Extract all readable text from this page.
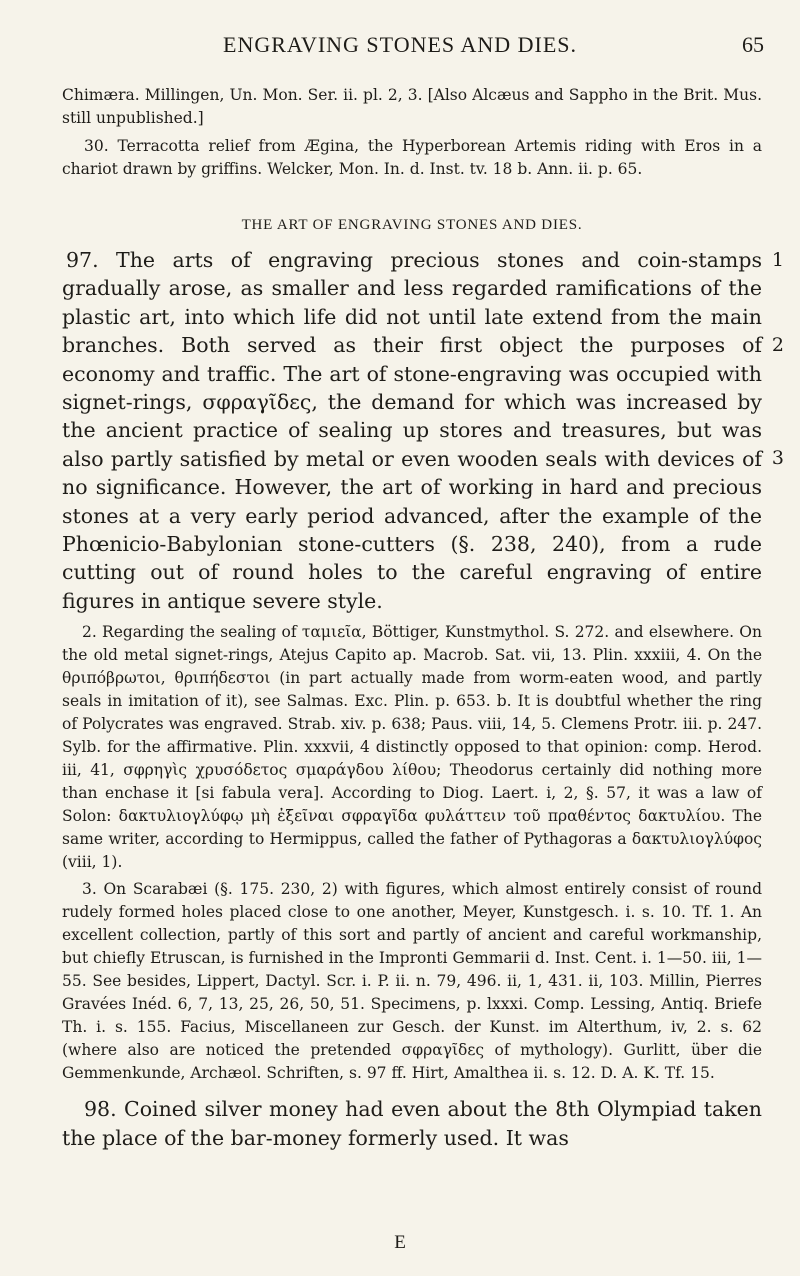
ENGRAVING STONES AND DIES.	65

Chimæra. Millingen, Un. Mon. Ser. ii. pl. 2, 3. [Also Alcæus and Sappho in the Brit. Mus. still unpublished.]

30. Terracotta relief from Ægina, the Hyperborean Artemis riding with Eros in a chariot drawn by griffins. Welcker, Mon. In. d. Inst. tv. 18 b. Ann. ii. p. 65.

THE ART OF ENGRAVING STONES AND DIES.
1
2
3
97. The arts of engraving precious stones and coin-stamps gradually arose, as smaller and less regarded ramifications of the plastic art, into which life did not until late extend from the main branches. Both served as their first object the purposes of economy and traffic. The art of stone-engraving was occupied with signet-rings, σφραγῖδες, the demand for which was increased by the ancient practice of sealing up stores and treasures, but was also partly satisfied by metal or even wooden seals with devices of no significance. However, the art of working in hard and precious stones at a very early period advanced, after the example of the Phœnicio-Babylonian stone-cutters (§. 238, 240), from a rude cutting out of round holes to the careful engraving of entire figures in antique severe style.

2. Regarding the sealing of ταμιεῖα, Böttiger, Kunstmythol. S. 272. and elsewhere. On the old metal signet-rings, Atejus Capito ap. Macrob. Sat. vii, 13. Plin. xxxiii, 4. On the θριπόβρωτοι, θριπήδεστοι (in part actually made from worm-eaten wood, and partly seals in imitation of it), see Salmas. Exc. Plin. p. 653. b. It is doubtful whether the ring of Polycrates was engraved. Strab. xiv. p. 638; Paus. viii, 14, 5. Clemens Protr. iii. p. 247. Sylb. for the affirmative. Plin. xxxvii, 4 distinctly opposed to that opinion: comp. Herod. iii, 41, σφρηγὶς χρυσόδετος σμαράγδου λίθου; Theodorus certainly did nothing more than enchase it [si fabula vera]. According to Diog. Laert. i, 2, §. 57, it was a law of Solon: δακτυλιογλύφῳ μὴ ἐξεῖναι σφραγῖδα φυλάττειν τοῦ πραθέντος δακτυλίου. The same writer, according to Hermippus, called the father of Pythagoras a δακτυλιογλύφος (viii, 1).

3. On Scarabæi (§. 175. 230, 2) with figures, which almost entirely consist of round rudely formed holes placed close to one another, Meyer, Kunstgesch. i. s. 10. Tf. 1. An excellent collection, partly of this sort and partly of ancient and careful workmanship, but chiefly Etruscan, is furnished in the Impronti Gemmarii d. Inst. Cent. i. 1—50. iii, 1—55. See besides, Lippert, Dactyl. Scr. i. P. ii. n. 79, 496. ii, 1, 431. ii, 103. Millin, Pierres Gravées Inéd. 6, 7, 13, 25, 26, 50, 51. Specimens, p. lxxxi. Comp. Lessing, Antiq. Briefe Th. i. s. 155. Facius, Miscellaneen zur Gesch. der Kunst. im Alterthum, iv, 2. s. 62 (where also are noticed the pretended σφραγῖδες of mythology). Gurlitt, über die Gemmenkunde, Archæol. Schriften, s. 97 ff. Hirt, Amalthea ii. s. 12. D. A. K. Tf. 15.

98. Coined silver money had even about the 8th Olympiad taken the place of the bar-money formerly used. It was

E
